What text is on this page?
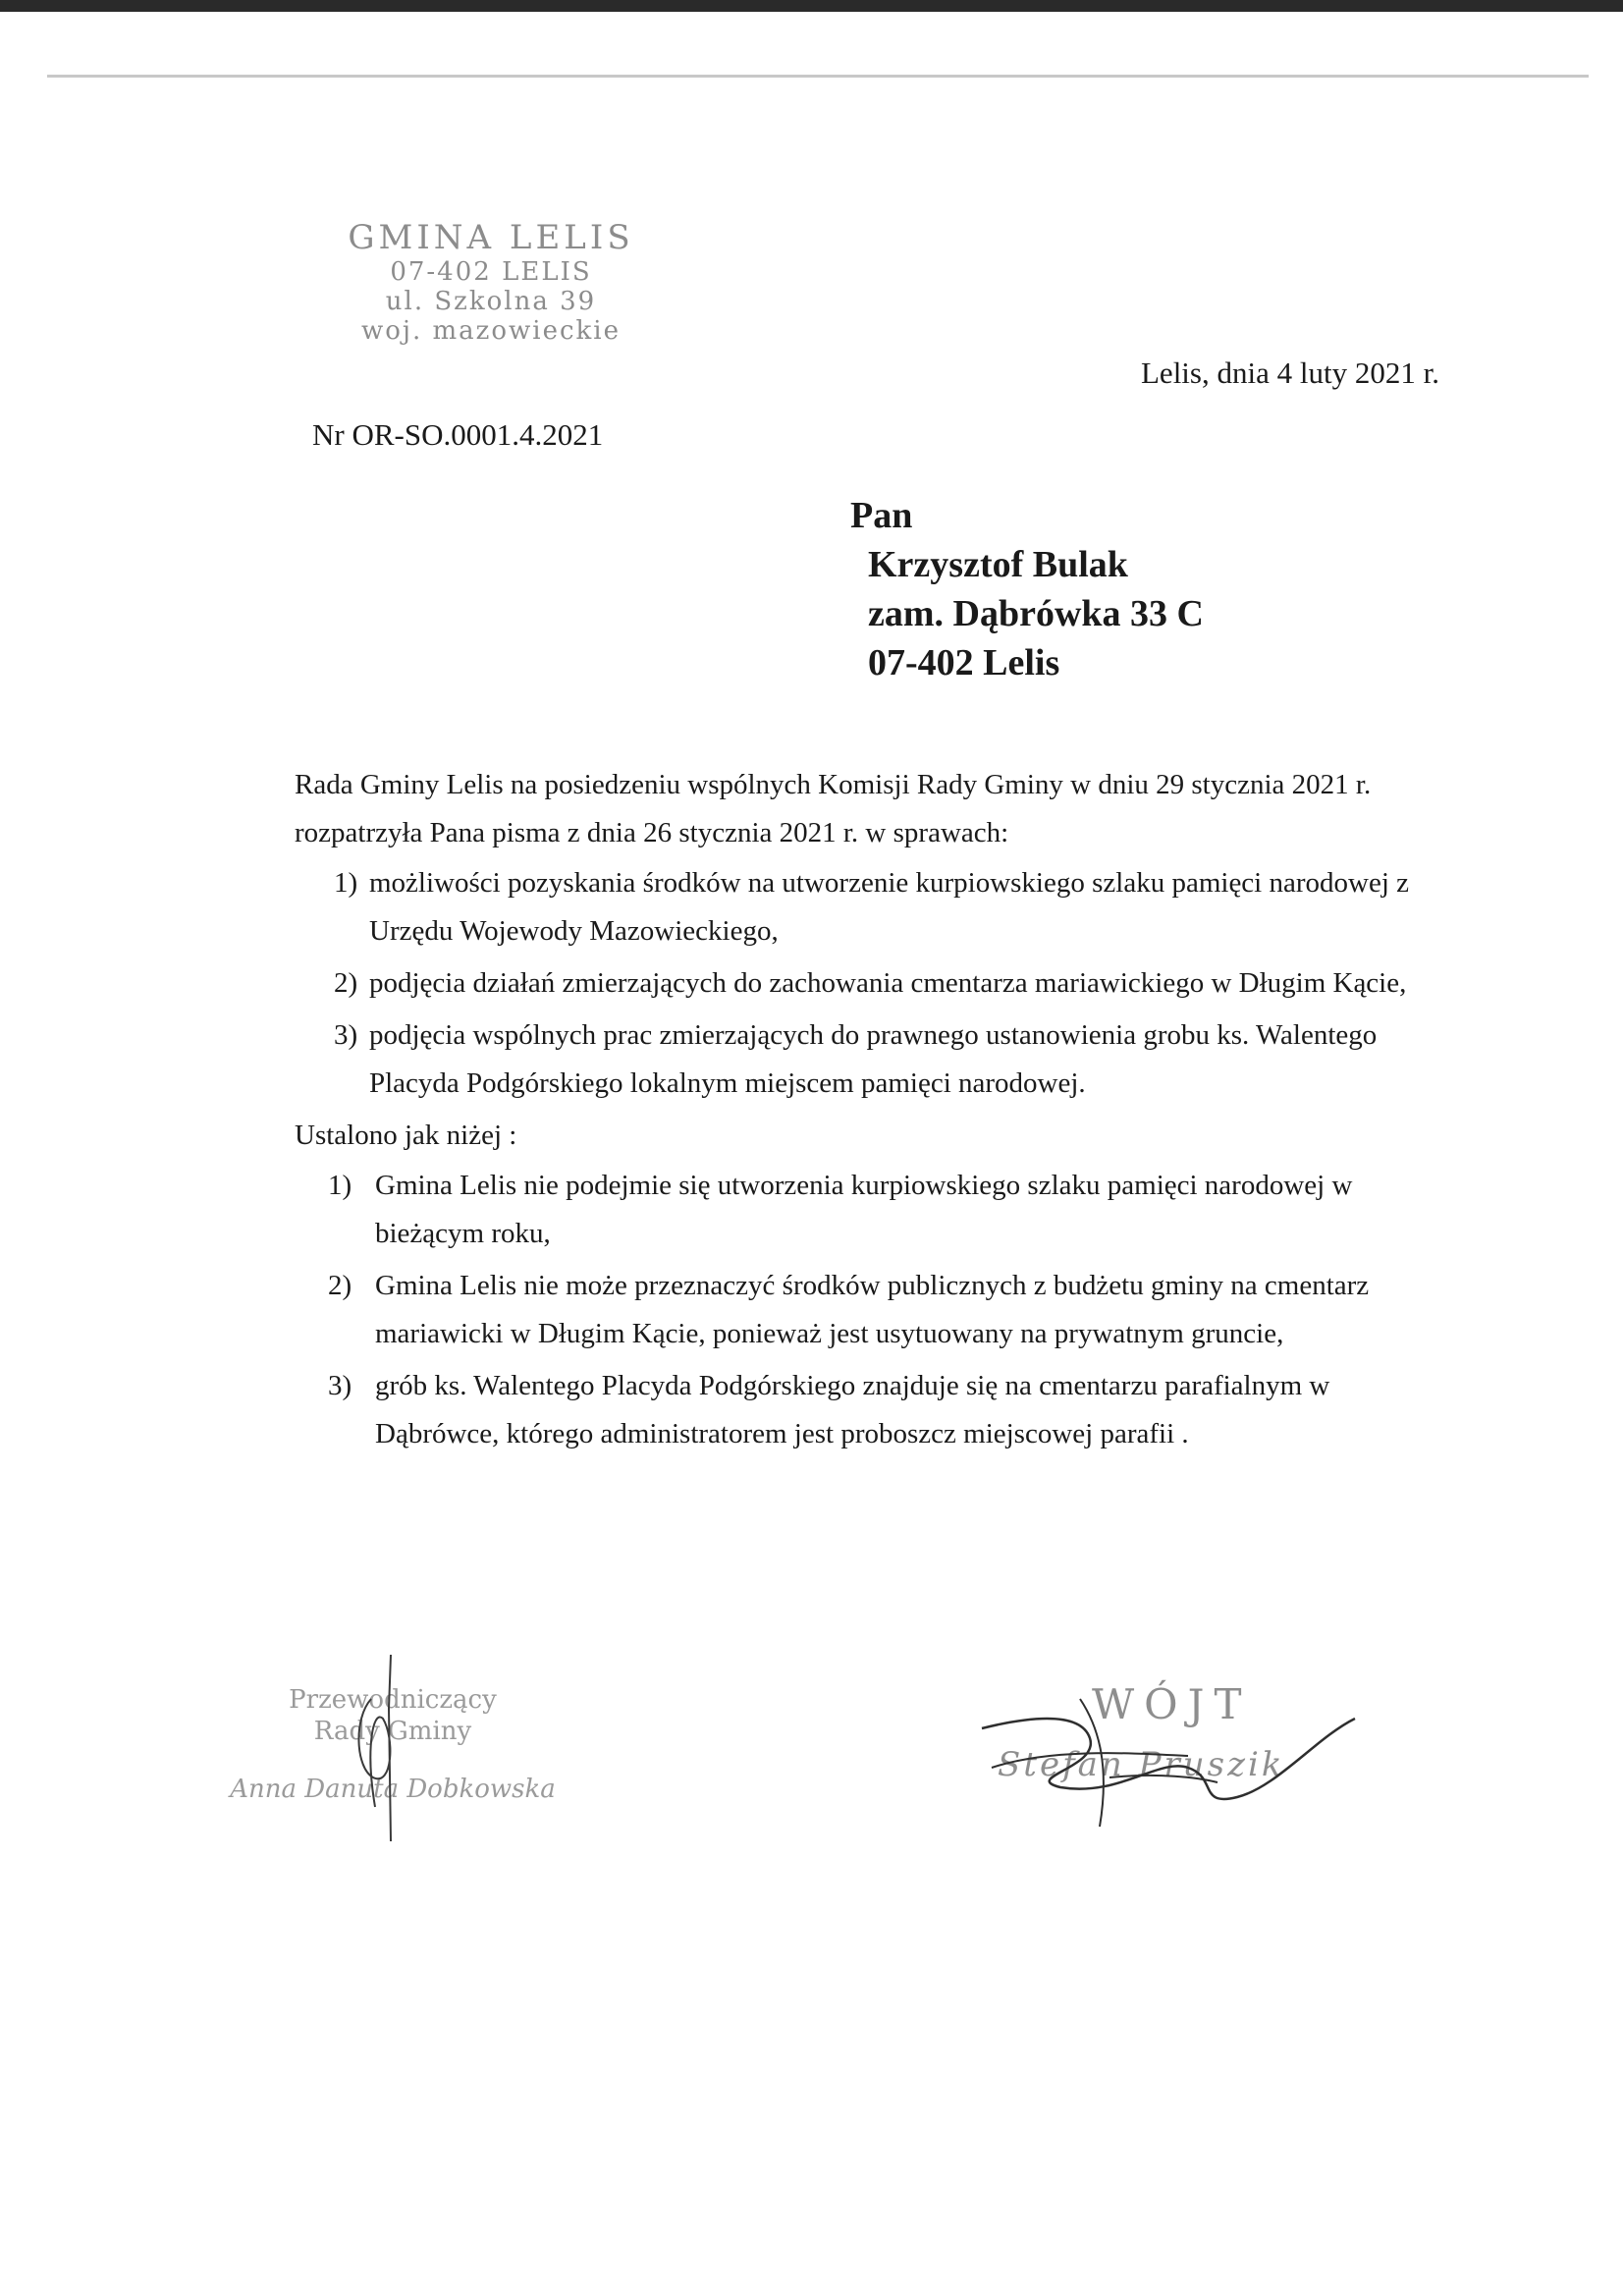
GMINA LELIS
07-402 LELIS
ul. Szkolna 39
woj. mazowieckie
Lelis, dnia 4 luty 2021 r.
Nr OR-SO.0001.4.2021
Pan
Krzysztof Bulak
zam. Dąbrówka 33 C
07-402 Lelis

Rada Gminy Lelis na posiedzeniu wspólnych Komisji Rady Gminy w dniu 29 stycznia 2021 r. rozpatrzyła Pana pisma z dnia 26 stycznia 2021 r. w sprawach:

1) możliwości pozyskania środków na utworzenie kurpiowskiego szlaku pamięci narodowej z Urzędu Wojewody Mazowieckiego,
2) podjęcia działań zmierzających do zachowania cmentarza mariawickiego w Długim Kącie,
3) podjęcia wspólnych prac zmierzających do prawnego ustanowienia grobu ks. Walentego Placyda Podgórskiego lokalnym miejscem pamięci narodowej.

Ustalono jak niżej :

1) Gmina Lelis nie podejmie się utworzenia kurpiowskiego szlaku pamięci narodowej w bieżącym roku,
2) Gmina Lelis nie może przeznaczyć środków publicznych z budżetu gminy na cmentarz mariawicki w Długim Kącie, ponieważ jest usytuowany na prywatnym gruncie,
3) grób ks. Walentego Placyda Podgórskiego znajduje się na cmentarzu parafialnym w Dąbrówce, którego administratorem jest proboszcz miejscowej parafii .
Przewodniczący
Rady Gminy
Anna Danuta Dobkowska
WÓJT
Stefan Pruszik
